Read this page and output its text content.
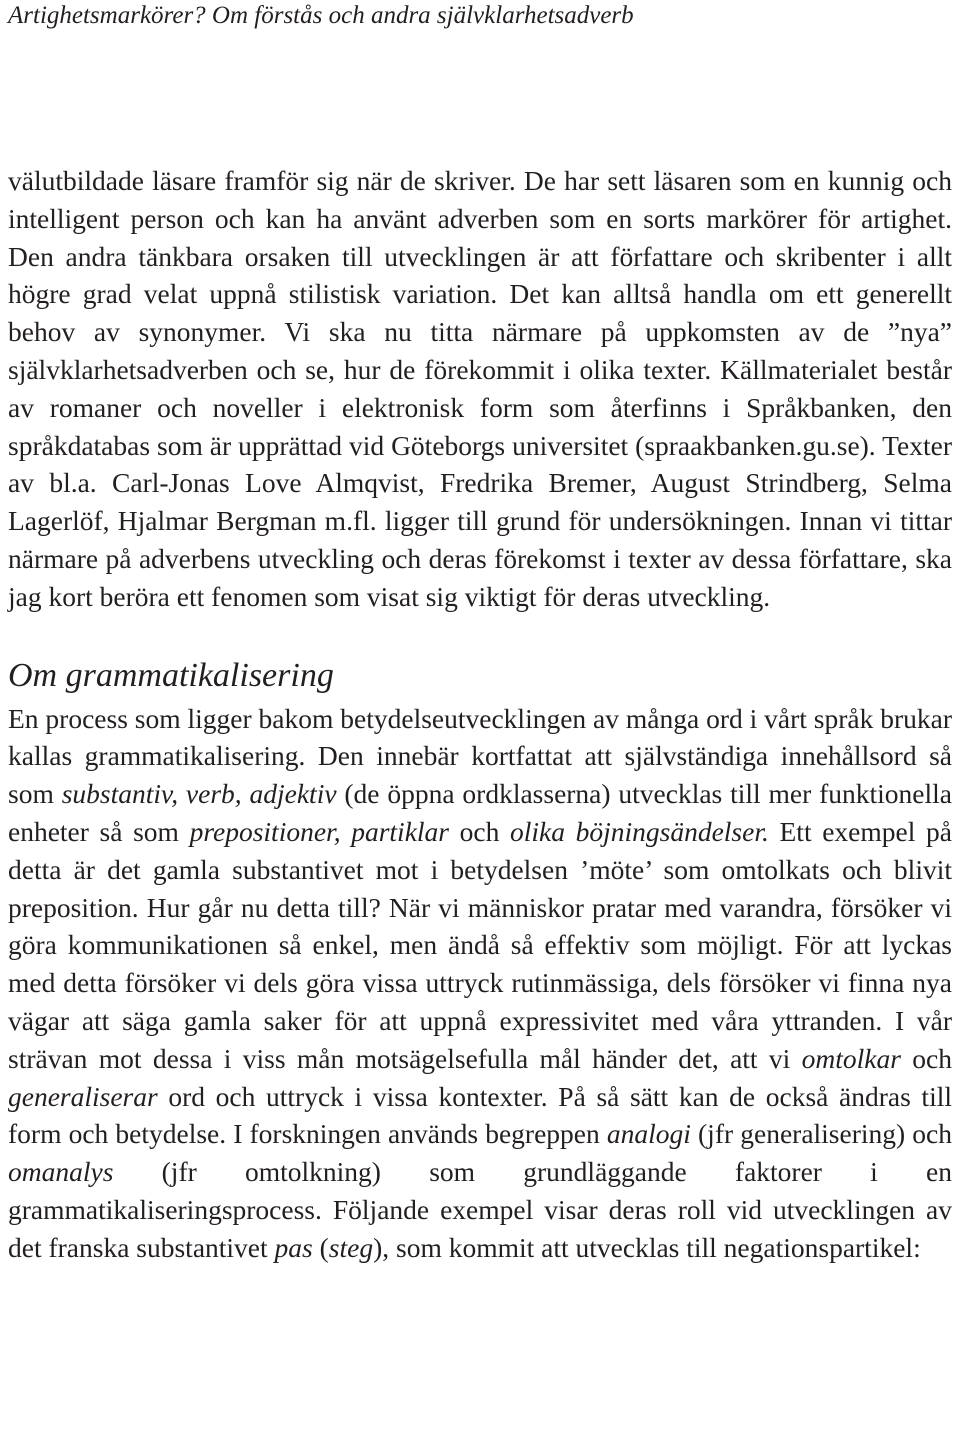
Artighetsmarkörer? Om förstås och andra självklarhetsadverb

välutbildade läsare framför sig när de skriver. De har sett läsaren som en kunnig och intelligent person och kan ha använt adverben som en sorts markörer för artighet. Den andra tänkbara orsaken till utvecklingen är att författare och skribenter i allt högre grad velat uppnå stilistisk variation. Det kan alltså handla om ett generellt behov av synonymer. Vi ska nu titta närmare på uppkomsten av de ”nya” självklarhetsadverben och se, hur de förekommit i olika texter. Källmaterialet består av romaner och noveller i elektronisk form som återfinns i Språkbanken, den språkdatabas som är upprättad vid Göteborgs universitet (spraakbanken.gu.se). Texter av bl.a. Carl-Jonas Love Almqvist, Fredrika Bremer, August Strindberg, Selma Lagerlöf, Hjalmar Bergman m.fl. ligger till grund för undersökningen. Innan vi tittar närmare på adverbens utveckling och deras förekomst i texter av dessa författare, ska jag kort beröra ett fenomen som visat sig viktigt för deras utveckling.

Om grammatikalisering

En process som ligger bakom betydelseutvecklingen av många ord i vårt språk brukar kallas grammatikalisering. Den innebär kortfattat att självständiga innehållsord så som substantiv, verb, adjektiv (de öppna ordklasserna) utvecklas till mer funktionella enheter så som prepositioner, partiklar och olika böjningsändelser. Ett exempel på detta är det gamla substantivet mot i betydelsen ’möte’ som omtolkats och blivit preposition. Hur går nu detta till? När vi människor pratar med varandra, försöker vi göra kommunikationen så enkel, men ändå så effektiv som möjligt. För att lyckas med detta försöker vi dels göra vissa uttryck rutinmässiga, dels försöker vi finna nya vägar att säga gamla saker för att uppnå expressivitet med våra yttranden. I vår strävan mot dessa i viss mån motsägelsefulla mål händer det, att vi omtolkar och generaliserar ord och uttryck i vissa kontexter. På så sätt kan de också ändras till form och betydelse. I forskningen används begreppen analogi (jfr generalisering) och omanalys (jfr omtolkning) som grundläggande faktorer i en grammatikaliseringsprocess. Följande exempel visar deras roll vid utvecklingen av det franska substantivet pas (steg), som kommit att utvecklas till negationspartikel:
